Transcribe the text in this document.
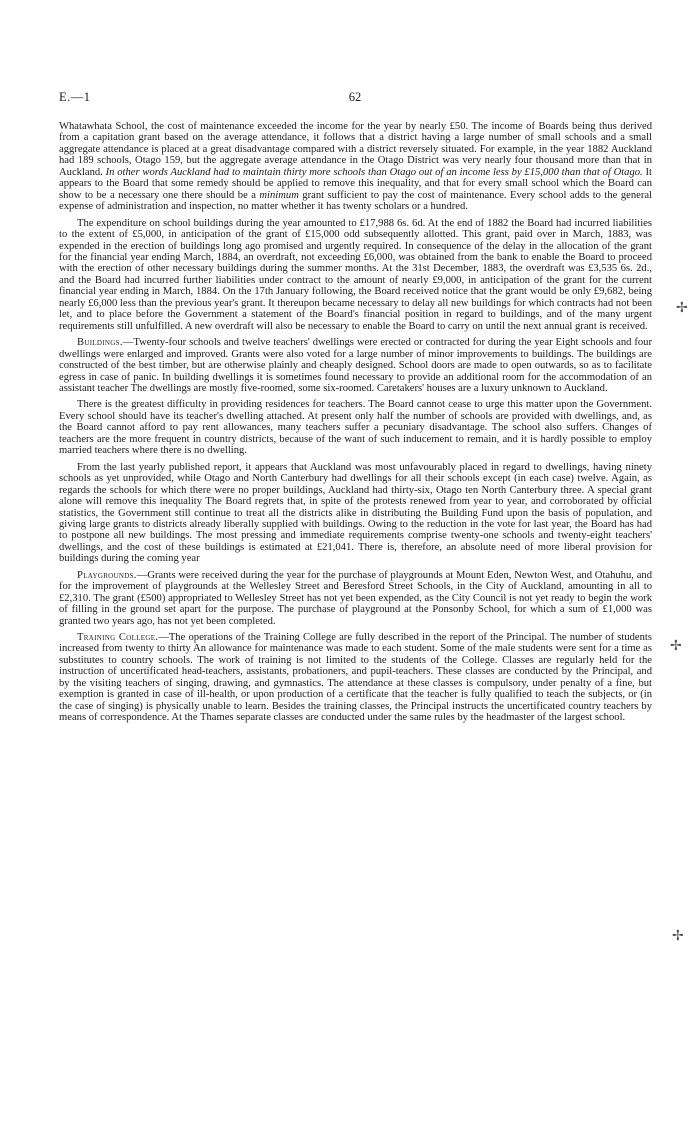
E.—1	62

Whatawhata School, the cost of maintenance exceeded the income for the year by nearly £50. The income of Boards being thus derived from a capitation grant based on the average attendance, it follows that a district having a large number of small schools and a small aggregate attendance is placed at a great disadvantage compared with a district reversely situated. For example, in the year 1882 Auckland had 189 schools, Otago 159, but the aggregate average attendance in the Otago District was very nearly four thousand more than that in Auckland. In other words Auckland had to maintain thirty more schools than Otago out of an income less by £15,000 than that of Otago. It appears to the Board that some remedy should be applied to remove this inequality, and that for every small school which the Board can show to be a necessary one there should be a minimum grant sufficient to pay the cost of maintenance. Every school adds to the general expense of administration and inspection, no matter whether it has twenty scholars or a hundred.

The expenditure on school buildings during the year amounted to £17,988 6s. 6d. At the end of 1882 the Board had incurred liabilities to the extent of £5,000, in anticipation of the grant of £15,000 odd subsequently allotted. This grant, paid over in March, 1883, was expended in the erection of buildings long ago promised and urgently required. In consequence of the delay in the allocation of the grant for the financial year ending March, 1884, an overdraft, not exceeding £6,000, was obtained from the bank to enable the Board to proceed with the erection of other necessary buildings during the summer months. At the 31st December, 1883, the overdraft was £3,535 6s. 2d., and the Board had incurred further liabilities under contract to the amount of nearly £9,000, in anticipation of the grant for the current financial year ending in March, 1884. On the 17th January following, the Board received notice that the grant would be only £9,682, being nearly £6,000 less than the previous year's grant. It thereupon became necessary to delay all new buildings for which contracts had not been let, and to place before the Government a statement of the Board's financial position in regard to buildings, and of the many urgent requirements still unfulfilled. A new overdraft will also be necessary to enable the Board to carry on until the next annual grant is received.

Buildings.—Twenty-four schools and twelve teachers' dwellings were erected or contracted for during the year Eight schools and four dwellings were enlarged and improved. Grants were also voted for a large number of minor improvements to buildings. The buildings are constructed of the best timber, but are otherwise plainly and cheaply designed. School doors are made to open outwards, so as to facilitate egress in case of panic. In building dwellings it is sometimes found necessary to provide an additional room for the accommodation of an assistant teacher The dwellings are mostly five-roomed, some six-roomed. Caretakers' houses are a luxury unknown to Auckland.

There is the greatest difficulty in providing residences for teachers. The Board cannot cease to urge this matter upon the Government. Every school should have its teacher's dwelling attached. At present only half the number of schools are provided with dwellings, and, as the Board cannot afford to pay rent allowances, many teachers suffer a pecuniary disadvantage. The school also suffers. Changes of teachers are the more frequent in country districts, because of the want of such inducement to remain, and it is hardly possible to employ married teachers where there is no dwelling.

From the last yearly published report, it appears that Auckland was most unfavourably placed in regard to dwellings, having ninety schools as yet unprovided, while Otago and North Canterbury had dwellings for all their schools except (in each case) twelve. Again, as regards the schools for which there were no proper buildings, Auckland had thirty-six, Otago ten North Canterbury three. A special grant alone will remove this inequality The Board regrets that, in spite of the protests renewed from year to year, and corroborated by official statistics, the Government still continue to treat all the districts alike in distributing the Building Fund upon the basis of population, and giving large grants to districts already liberally supplied with buildings. Owing to the reduction in the vote for last year, the Board has had to postpone all new buildings. The most pressing and immediate requirements comprise twenty-one schools and twenty-eight teachers' dwellings, and the cost of these buildings is estimated at £21,041. There is, therefore, an absolute need of more liberal provision for buildings during the coming year

Playgrounds.—Grants were received during the year for the purchase of playgrounds at Mount Eden, Newton West, and Otahuhu, and for the improvement of playgrounds at the Wellesley Street and Beresford Street Schools, in the City of Auckland, amounting in all to £2,310. The grant (£500) appropriated to Wellesley Street has not yet been expended, as the City Council is not yet ready to begin the work of filling in the ground set apart for the purpose. The purchase of playground at the Ponsonby School, for which a sum of £1,000 was granted two years ago, has not yet been completed.

Training College.—The operations of the Training College are fully described in the report of the Principal. The number of students increased from twenty to thirty An allowance for maintenance was made to each student. Some of the male students were sent for a time as substitutes to country schools. The work of training is not limited to the students of the College. Classes are regularly held for the instruction of uncertificated head-teachers, assistants, probationers, and pupil-teachers. These classes are conducted by the Principal, and by the visiting teachers of singing, drawing, and gymnastics. The attendance at these classes is compulsory, under penalty of a fine, but exemption is granted in case of ill-health, or upon production of a certificate that the teacher is fully qualified to teach the subjects, or (in the case of singing) is physically unable to learn. Besides the training classes, the Principal instructs the uncertificated country teachers by means of correspondence. At the Thames separate classes are conducted under the same rules by the headmaster of the largest school.

✢
✢
✢
